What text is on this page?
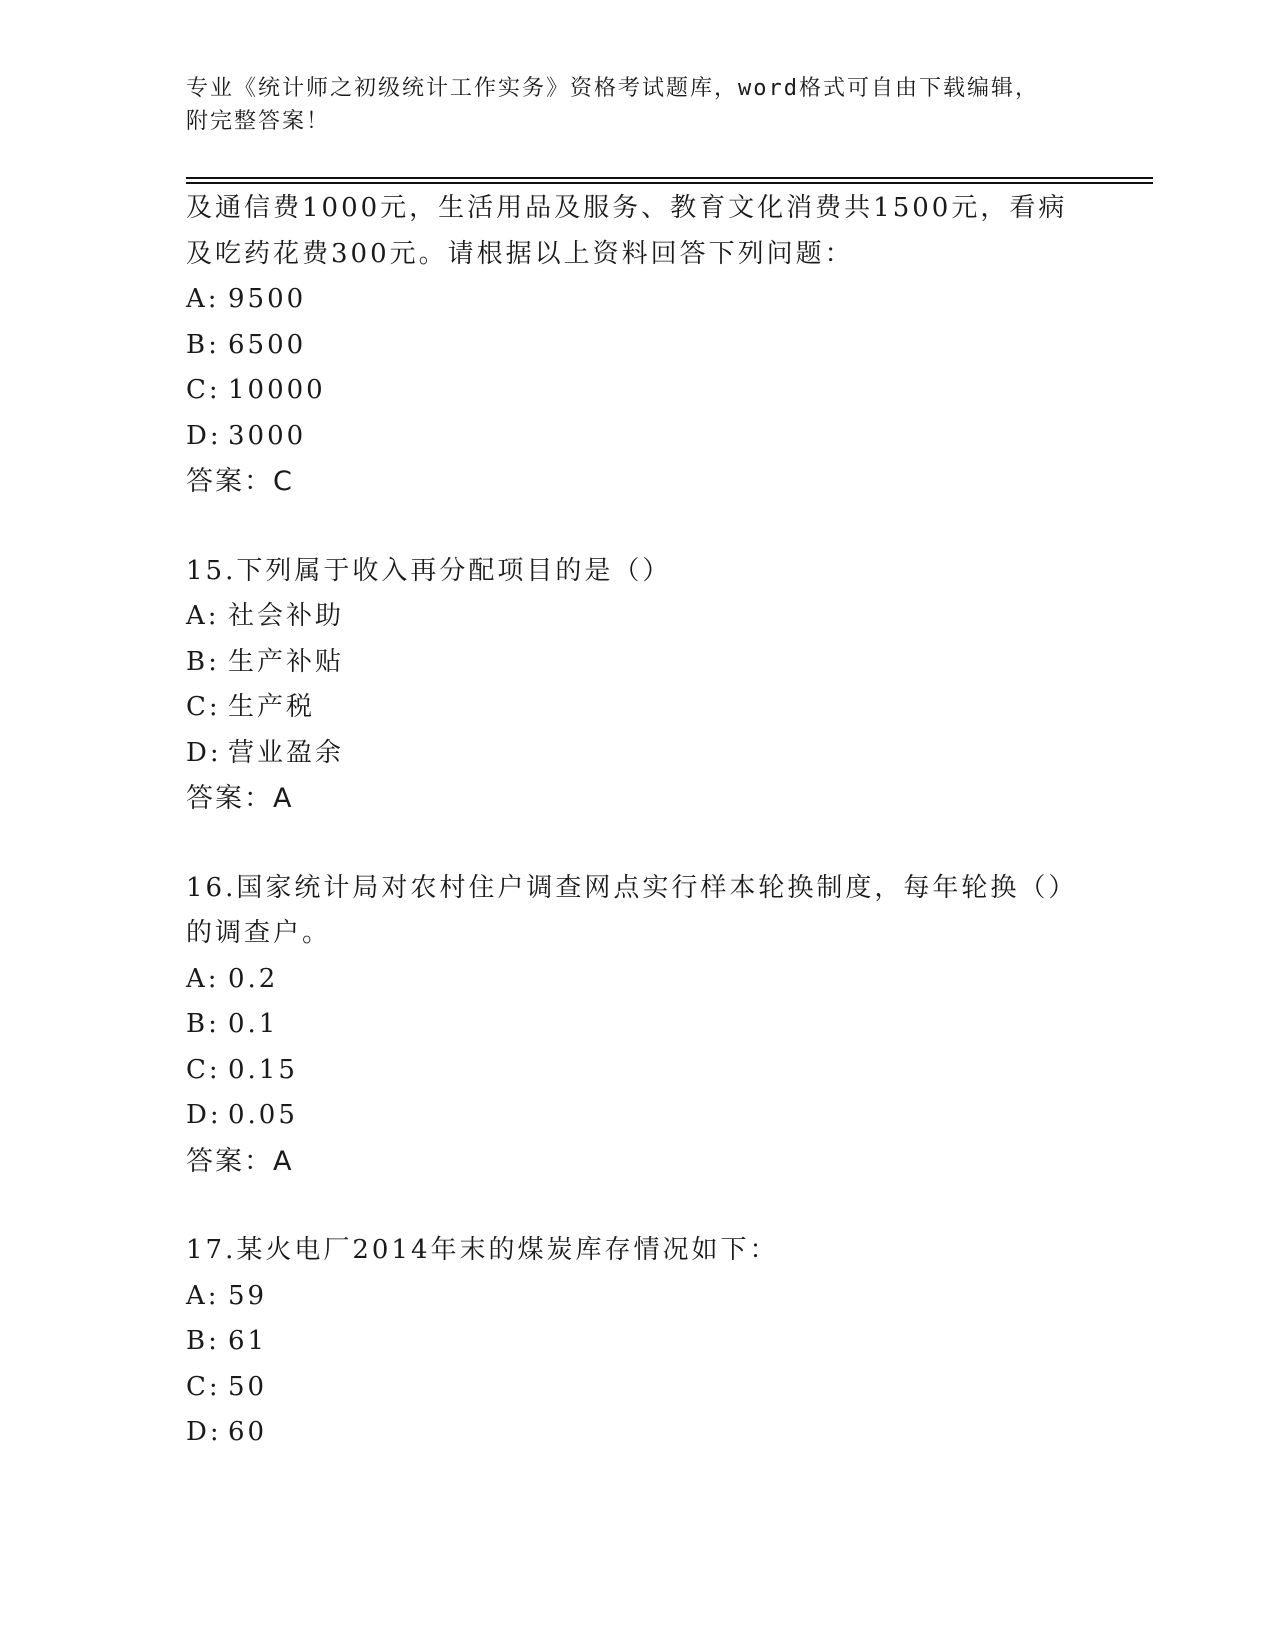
专业《统计师之初级统计工作实务》资格考试题库，word格式可自由下载编辑，
附完整答案！
及通信费1000元，生活用品及服务、教育文化消费共1500元，看病
及吃药花费300元。请根据以上资料回答下列问题：
A: 9500
B: 6500
C: 10000
D: 3000
答案：C
15.下列属于收入再分配项目的是（）
A: 社会补助
B: 生产补贴
C: 生产税
D: 营业盈余
答案：A
16.国家统计局对农村住户调查网点实行样本轮换制度，每年轮换（）
的调查户。
A: 0.2
B: 0.1
C: 0.15
D: 0.05
答案：A
17.某火电厂2014年末的煤炭库存情况如下：
A: 59
B: 61
C: 50
D: 60
